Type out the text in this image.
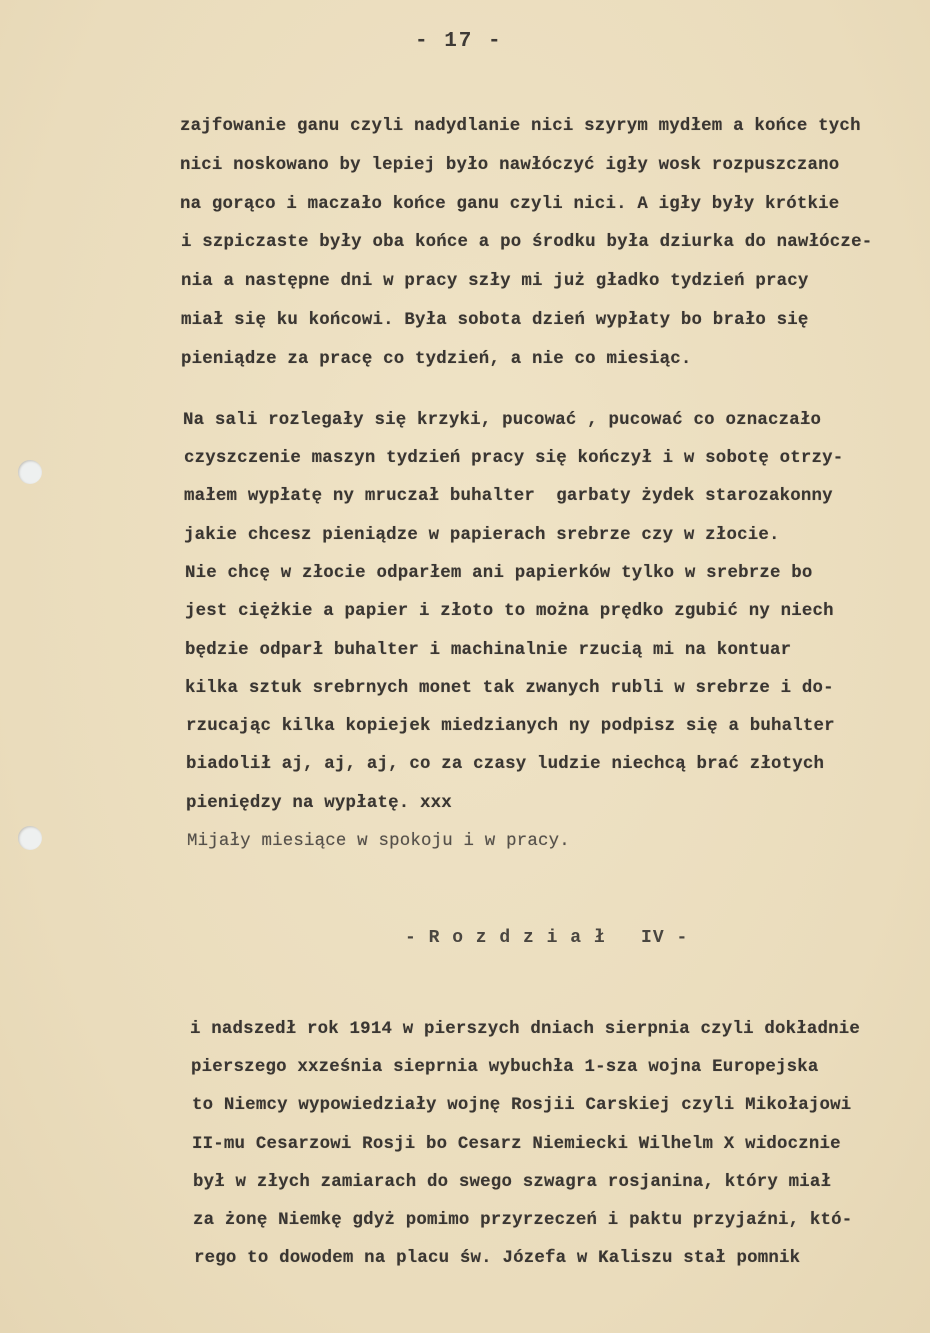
- 17 -
zajfowanie ganu czyli nadydlanie nici szyrym mydłem a końce tych
nici noskowano by lepiej było nawłóczyć igły wosk rozpuszczano
na gorąco i maczało końce ganu czyli nici. A igły były krótkie
i szpiczaste były oba końce a po środku była dziurka do nawłócze-
nia a następne dni w pracy szły mi już gładko tydzień pracy
miał się ku końcowi. Była sobota dzień wypłaty bo brało się
pieniądze za pracę co tydzień, a nie co miesiąc.
Na sali rozlegały się krzyki, pucować , pucować co oznaczało
czyszczenie maszyn tydzień pracy się kończył i w sobotę otrzy-
małem wypłatę ny mruczał buhalter  garbaty żydek starozakonny
jakie chcesz pieniądze w papierach srebrze czy w złocie.
Nie chcę w złocie odparłem ani papierków tylko w srebrze bo
jest ciężkie a papier i złoto to można prędko zgubić ny niech
będzie odparł buhalter i machinalnie rzucią mi na kontuar
kilka sztuk srebrnych monet tak zwanych rubli w srebrze i do-
rzucając kilka kopiejek miedzianych ny podpisz się a buhalter
biadolił aj, aj, aj, co za czasy ludzie niechcą brać złotych
pieniędzy na wypłatę. xxx
Mijały miesiące w spokoju i w pracy.
- R o z d z i a ł   IV -
i nadszedł rok 1914 w pierszych dniach sierpnia czyli dokładnie
pierszego xxześnia sieprnia wybuchła 1-sza wojna Europejska
to Niemcy wypowiedziały wojnę Rosjii Carskiej czyli Mikołajowi
II-mu Cesarzowi Rosji bo Cesarz Niemiecki Wilhelm X widocznie
był w złych zamiarach do swego szwagra rosjanina, który miał
za żonę Niemkę gdyż pomimo przyrzeczeń i paktu przyjaźni, któ-
rego to dowodem na placu św. Józefa w Kaliszu stał pomnik
